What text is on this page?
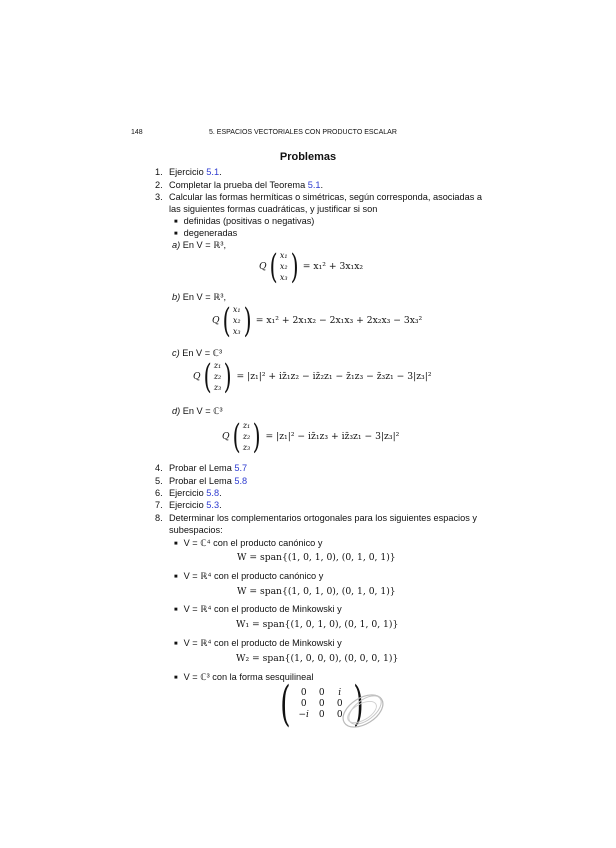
148	5. ESPACIOS VECTORIALES CON PRODUCTO ESCALAR
Problemas
1. Ejercicio 5.1.
2. Completar la prueba del Teorema 5.1.
3. Calcular las formas hermíticas o simétricas, según corresponda, asociadas a
las siguientes formas cuadráticas, y justificar si son
■ definidas (positivas o negativas)
■ degeneradas
a) En V = ℝ³,
Q ( x₁
x₂
x₃ ) = x₁² + 3x₁x₂
b) En V = ℝ³,
Q ( x₁
x₂
x₃ ) = x₁² + 2x₁x₂ − 2x₁x₃ + 2x₂x₃ − 3x₃²
c) En V = ℂ³
Q ( z₁
z₂
z₃ ) = |z₁|² + iz̄₁z₂ − iz̄₂z₁ − z̄₁z₃ − z̄₃z₁ − 3|z₃|²
d) En V = ℂ³
Q ( z₁
z₂
z₃ ) = |z₁|² − iz̄₁z₃ + iz̄₃z₁ − 3|z₃|²
4. Probar el Lema 5.7
5. Probar el Lema 5.8
6. Ejercicio 5.8.
7. Ejercicio 5.3.
8. Determinar los complementarios ortogonales para los siguientes espacios y
subespacios:
■ V = ℂ⁴ con el producto canónico y
W = span{(1, 0, 1, 0), (0, 1, 0, 1)}
■ V = ℝ⁴ con el producto canónico y
W = span{(1, 0, 1, 0), (0, 1, 0, 1)}
■ V = ℝ⁴ con el producto de Minkowski y
W₁ = span{(1, 0, 1, 0), (0, 1, 0, 1)}
■ V = ℝ⁴ con el producto de Minkowski y
W₂ = span{(1, 0, 0, 0), (0, 0, 0, 1)}
■ V = ℂ³ con la forma sesquilineal
(	0	0	i
0	0	0
−i	0	0 )
